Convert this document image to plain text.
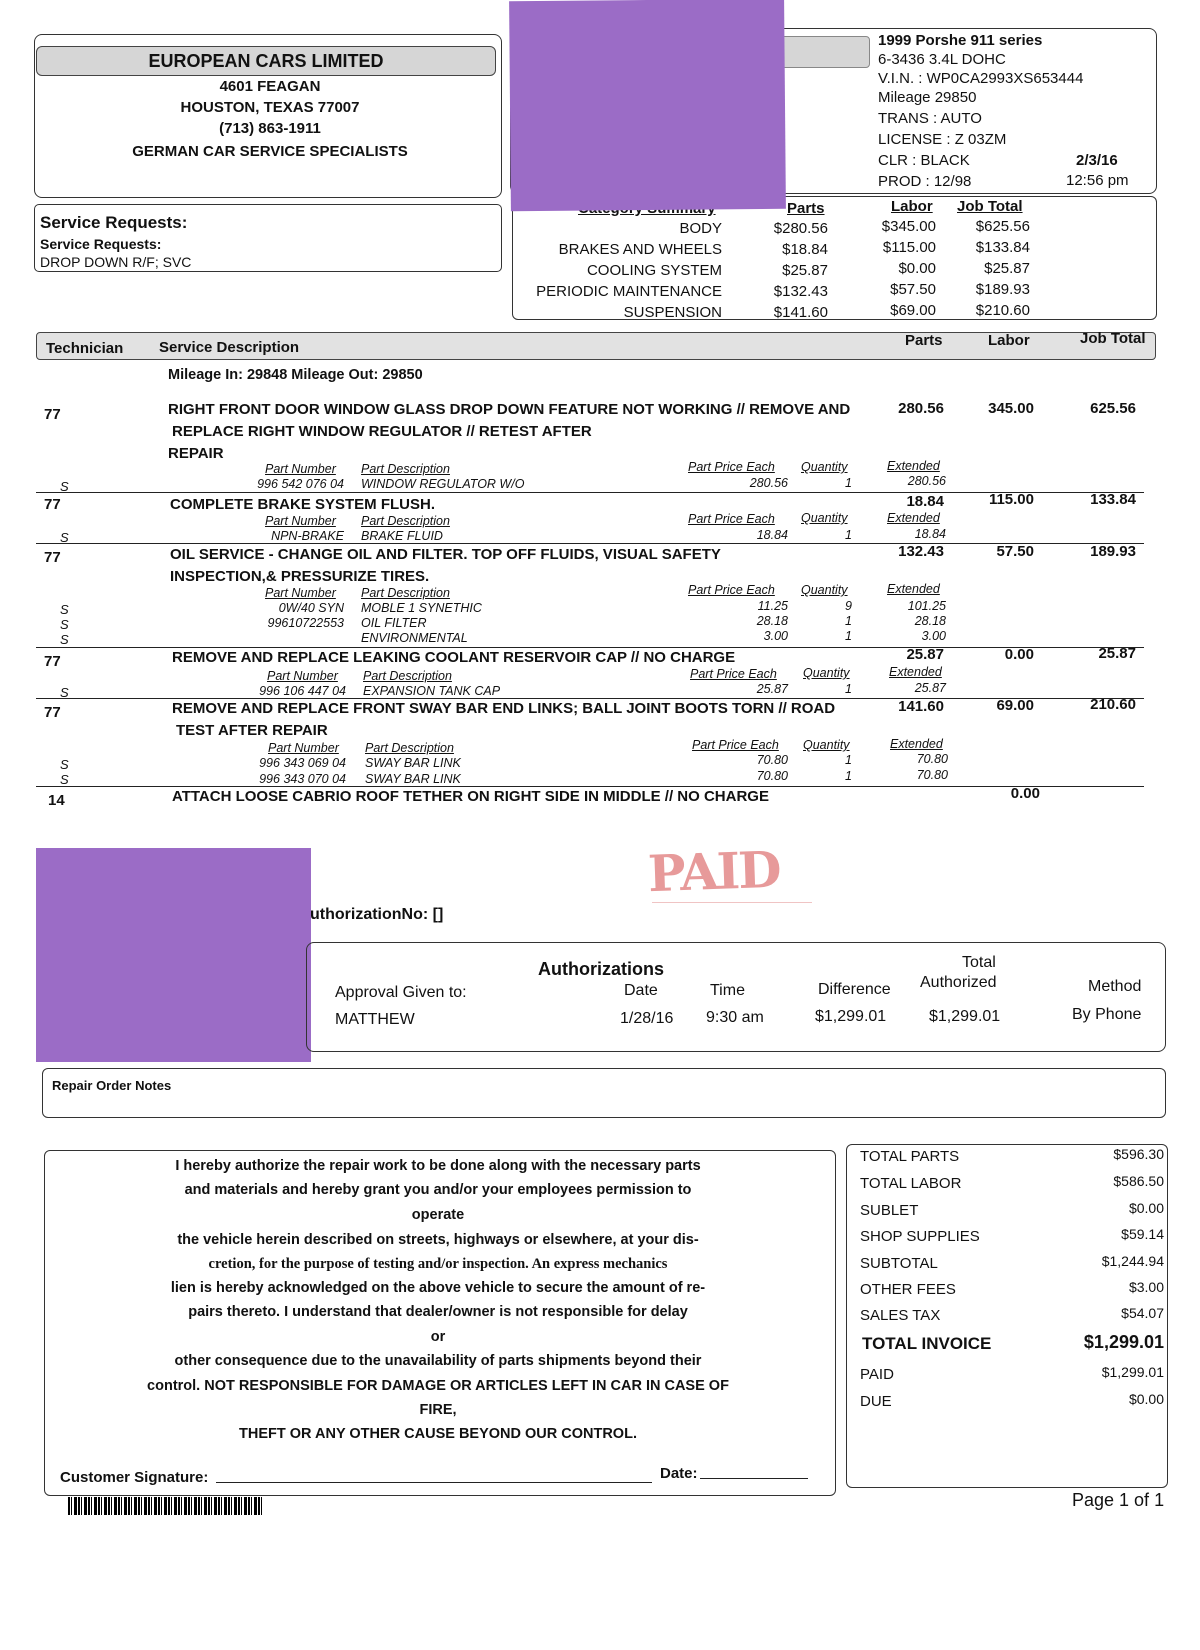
EUROPEAN CARS LIMITED
4601 FEAGAN
HOUSTON, TEXAS 77007
(713) 863-1911
GERMAN CAR SERVICE SPECIALISTS
1999 Porshe 911 series
6-3436 3.4L DOHC
V.I.N. : WP0CA2993XS653444
Mileage 29850
TRANS : AUTO
LICENSE : Z 03ZM
CLR : BLACK
PROD : 12/98
2/3/16
12:56 pm
Service Requests:
Service Requests:
DROP DOWN R/F; SVC
Parts	Labor Job Total
BODY	$280.56	$345.00	$625.56
BRAKES AND WHEELS	$18.84	$115.00	$133.84
COOLING SYSTEM	$25.87	$0.00	$25.87
PERIODIC MAINTENANCE	$132.43	$57.50	$189.93
SUSPENSION	$141.60	$69.00	$210.60
Technician Service Description	Parts	Labor	Job Total
Mileage In: 29848 Mileage Out: 29850
77	RIGHT FRONT DOOR WINDOW GLASS DROP DOWN FEATURE NOT WORKING // REMOVE AND
REPLACE RIGHT WINDOW REGULATOR // RETEST AFTER
REPAIR
280.56	345.00	625.56
Part Number Part Description	Part Price Each Quantity	Extended
S	996 542 076 04 WINDOW REGULATOR W/O	280.56	1	280.56
77	COMPLETE BRAKE SYSTEM FLUSH.	18.84	115.00	133.84
Part Number Part Description	Part Price Each Quantity	Extended
S	NPN-BRAKE BRAKE FLUID	18.84	1	18.84
77	OIL SERVICE - CHANGE OIL AND FILTER. TOP OFF FLUIDS, VISUAL SAFETY
INSPECTION,& PRESSURIZE TIRES.
132.43	57.50	189.93
Part Number Part Description	Part Price Each Quantity	Extended
S	0W/40 SYN MOBLE 1 SYNETHIC	11.25	9	101.25
S	99610722553 OIL FILTER	28.18	1	28.18
S	ENVIRONMENTAL	3.00	1	3.00
77	REMOVE AND REPLACE LEAKING COOLANT RESERVOIR CAP // NO CHARGE	25.87	0.00	25.87
Part Number Part Description	Part Price Each Quantity	Extended
S	996 106 447 04 EXPANSION TANK CAP	25.87	1	25.87
77	REMOVE AND REPLACE FRONT SWAY BAR END LINKS; BALL JOINT BOOTS TORN // ROAD
TEST AFTER REPAIR
141.60	69.00	210.60
Part Number Part Description	Part Price Each Quantity	Extended
S	996 343 069 04 SWAY BAR LINK	70.80	1	70.80
S	996 343 070 04 SWAY BAR LINK	70.80	1	70.80
14	ATTACH LOOSE CABRIO ROOF TETHER ON RIGHT SIDE IN MIDDLE // NO CHARGE	0.00
PAID
uthorizationNo: []
Authorizations
Approval Given to:	Date	Time	Difference
Total
Authorized	Method
MATTHEW	1/28/16 9:30 am	$1,299.01	$1,299.01	By Phone
Repair Order Notes
I hereby authorize the repair work to be done along with the necessary parts
and materials and hereby grant you and/or your employees permission to
operate
the vehicle herein described on streets, highways or elsewhere, at your dis-
cretion, for the purpose of testing and/or inspection. An express mechanics
lien is hereby acknowledged on the above vehicle to secure the amount of re-
pairs thereto. I understand that dealer/owner is not responsible for delay
or
other consequence due to the unavailability of parts shipments beyond their
control. NOT RESPONSIBLE FOR DAMAGE OR ARTICLES LEFT IN CAR IN CASE OF
FIRE,
THEFT OR ANY OTHER CAUSE BEYOND OUR CONTROL.
Customer Signature:	Date:
TOTAL PARTS	$596.30
TOTAL LABOR	$586.50
SUBLET	$0.00
SHOP SUPPLIES	$59.14
SUBTOTAL	$1,244.94
OTHER FEES	$3.00
SALES TAX	$54.07
TOTAL INVOICE	$1,299.01
PAID	$1,299.01
DUE	$0.00
Page 1 of 1
